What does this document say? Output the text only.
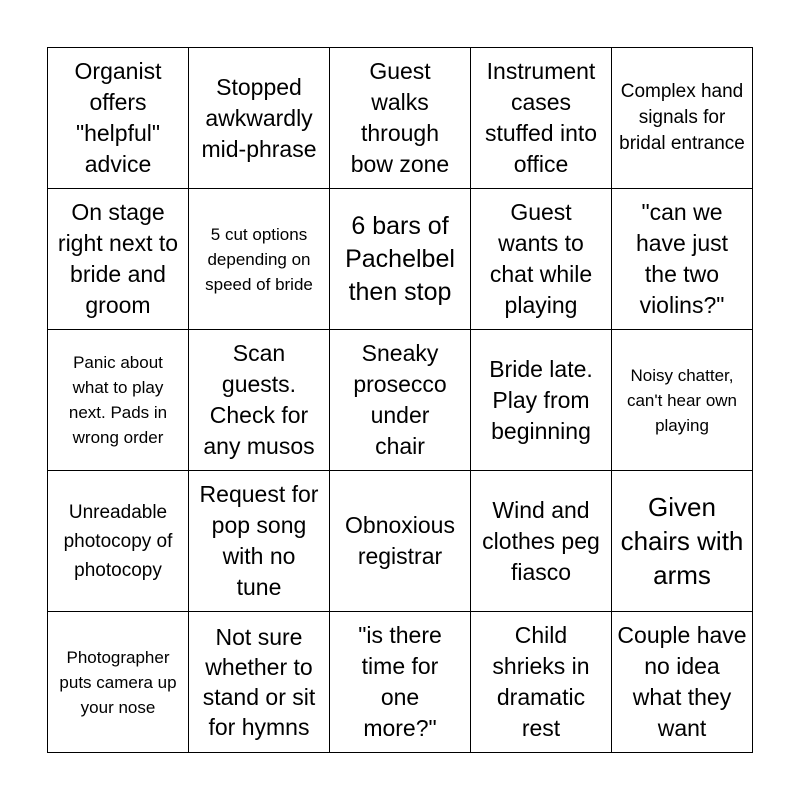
Organist offers "helpful" advice
Stopped awkwardly mid-phrase
Guest walks through bow zone
Instrument cases stuffed into office
Complex hand signals for bridal entrance
On stage right next to bride and groom
5 cut options depending on speed of bride
6 bars of Pachelbel then stop
Guest wants to chat while playing
"can we have just the two violins?"
Panic about what to play next. Pads in wrong order
Scan guests. Check for any musos
Sneaky prosecco under chair
Bride late. Play from beginning
Noisy chatter, can't hear own playing
Unreadable photocopy of photocopy
Request for pop song with no tune
Obnoxious registrar
Wind and clothes peg fiasco
Given chairs with arms
Photographer puts camera up your nose
Not sure whether to stand or sit for hymns
"is there time for one more?"
Child shrieks in dramatic rest
Couple have no idea what they want
